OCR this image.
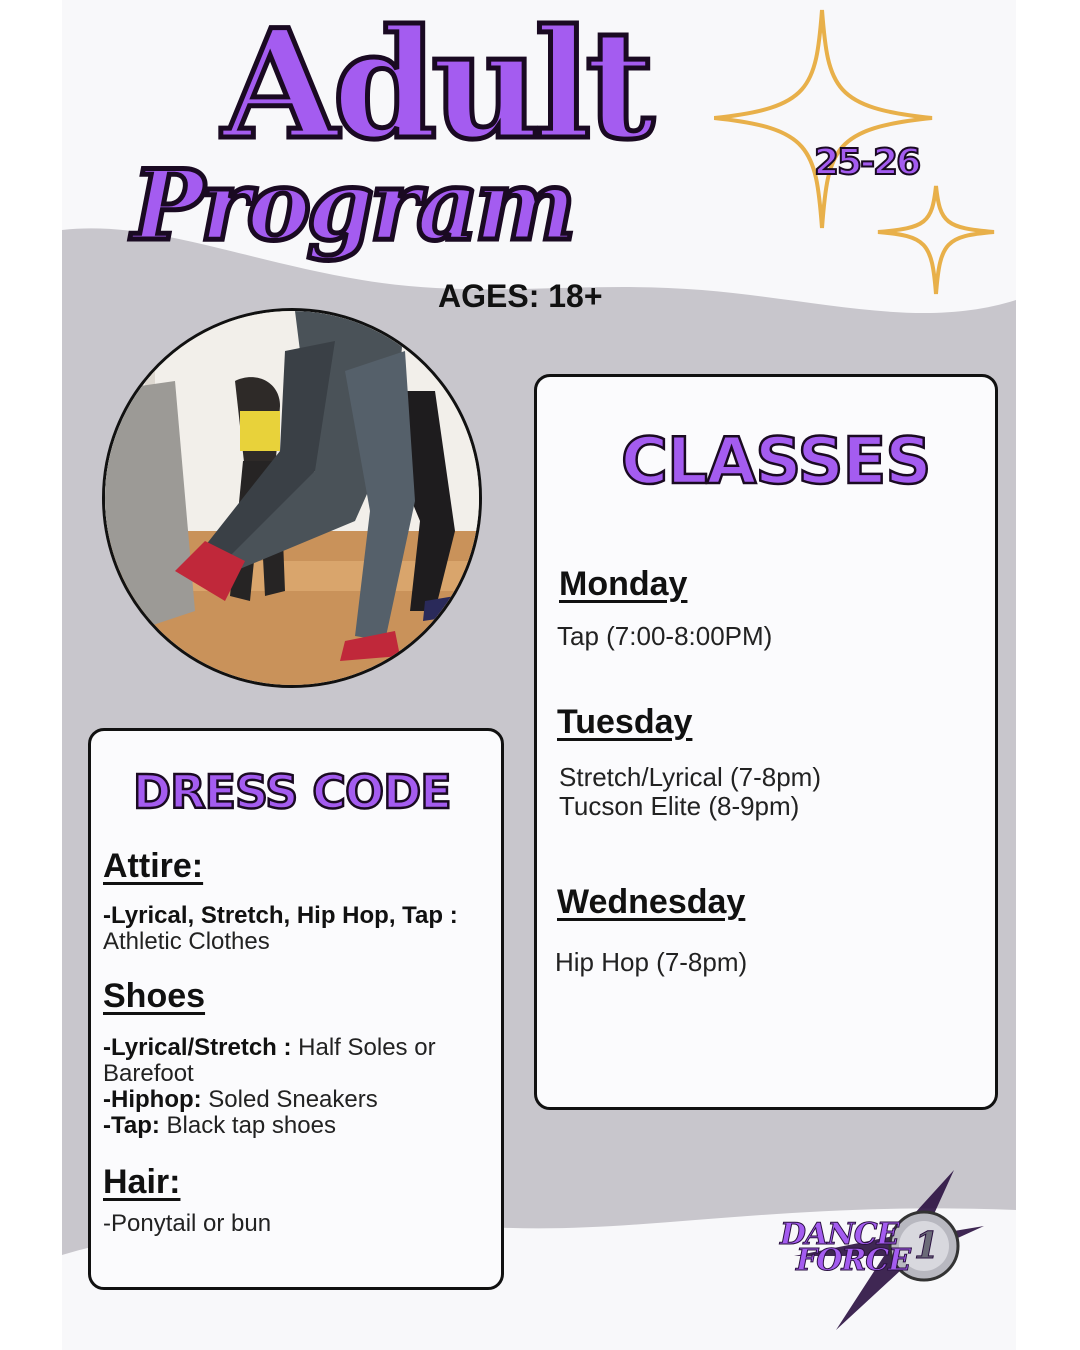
Adult
Program
AGES: 18+
25-26
CLASSES
Monday
Tap (7:00-8:00PM)
Tuesday
Stretch/Lyrical (7-8pm)
Tucson Elite (8-9pm)
Wednesday
Hip Hop (7-8pm)
DRESS CODE
Attire:
-Lyrical, Stretch, Hip Hop, Tap : Athletic Clothes
Shoes
-Lyrical/Stretch : Half Soles or Barefoot
-Hiphop: Soled Sneakers
-Tap: Black tap shoes
Hair:
-Ponytail or bun	DANCE
FORCE 1
